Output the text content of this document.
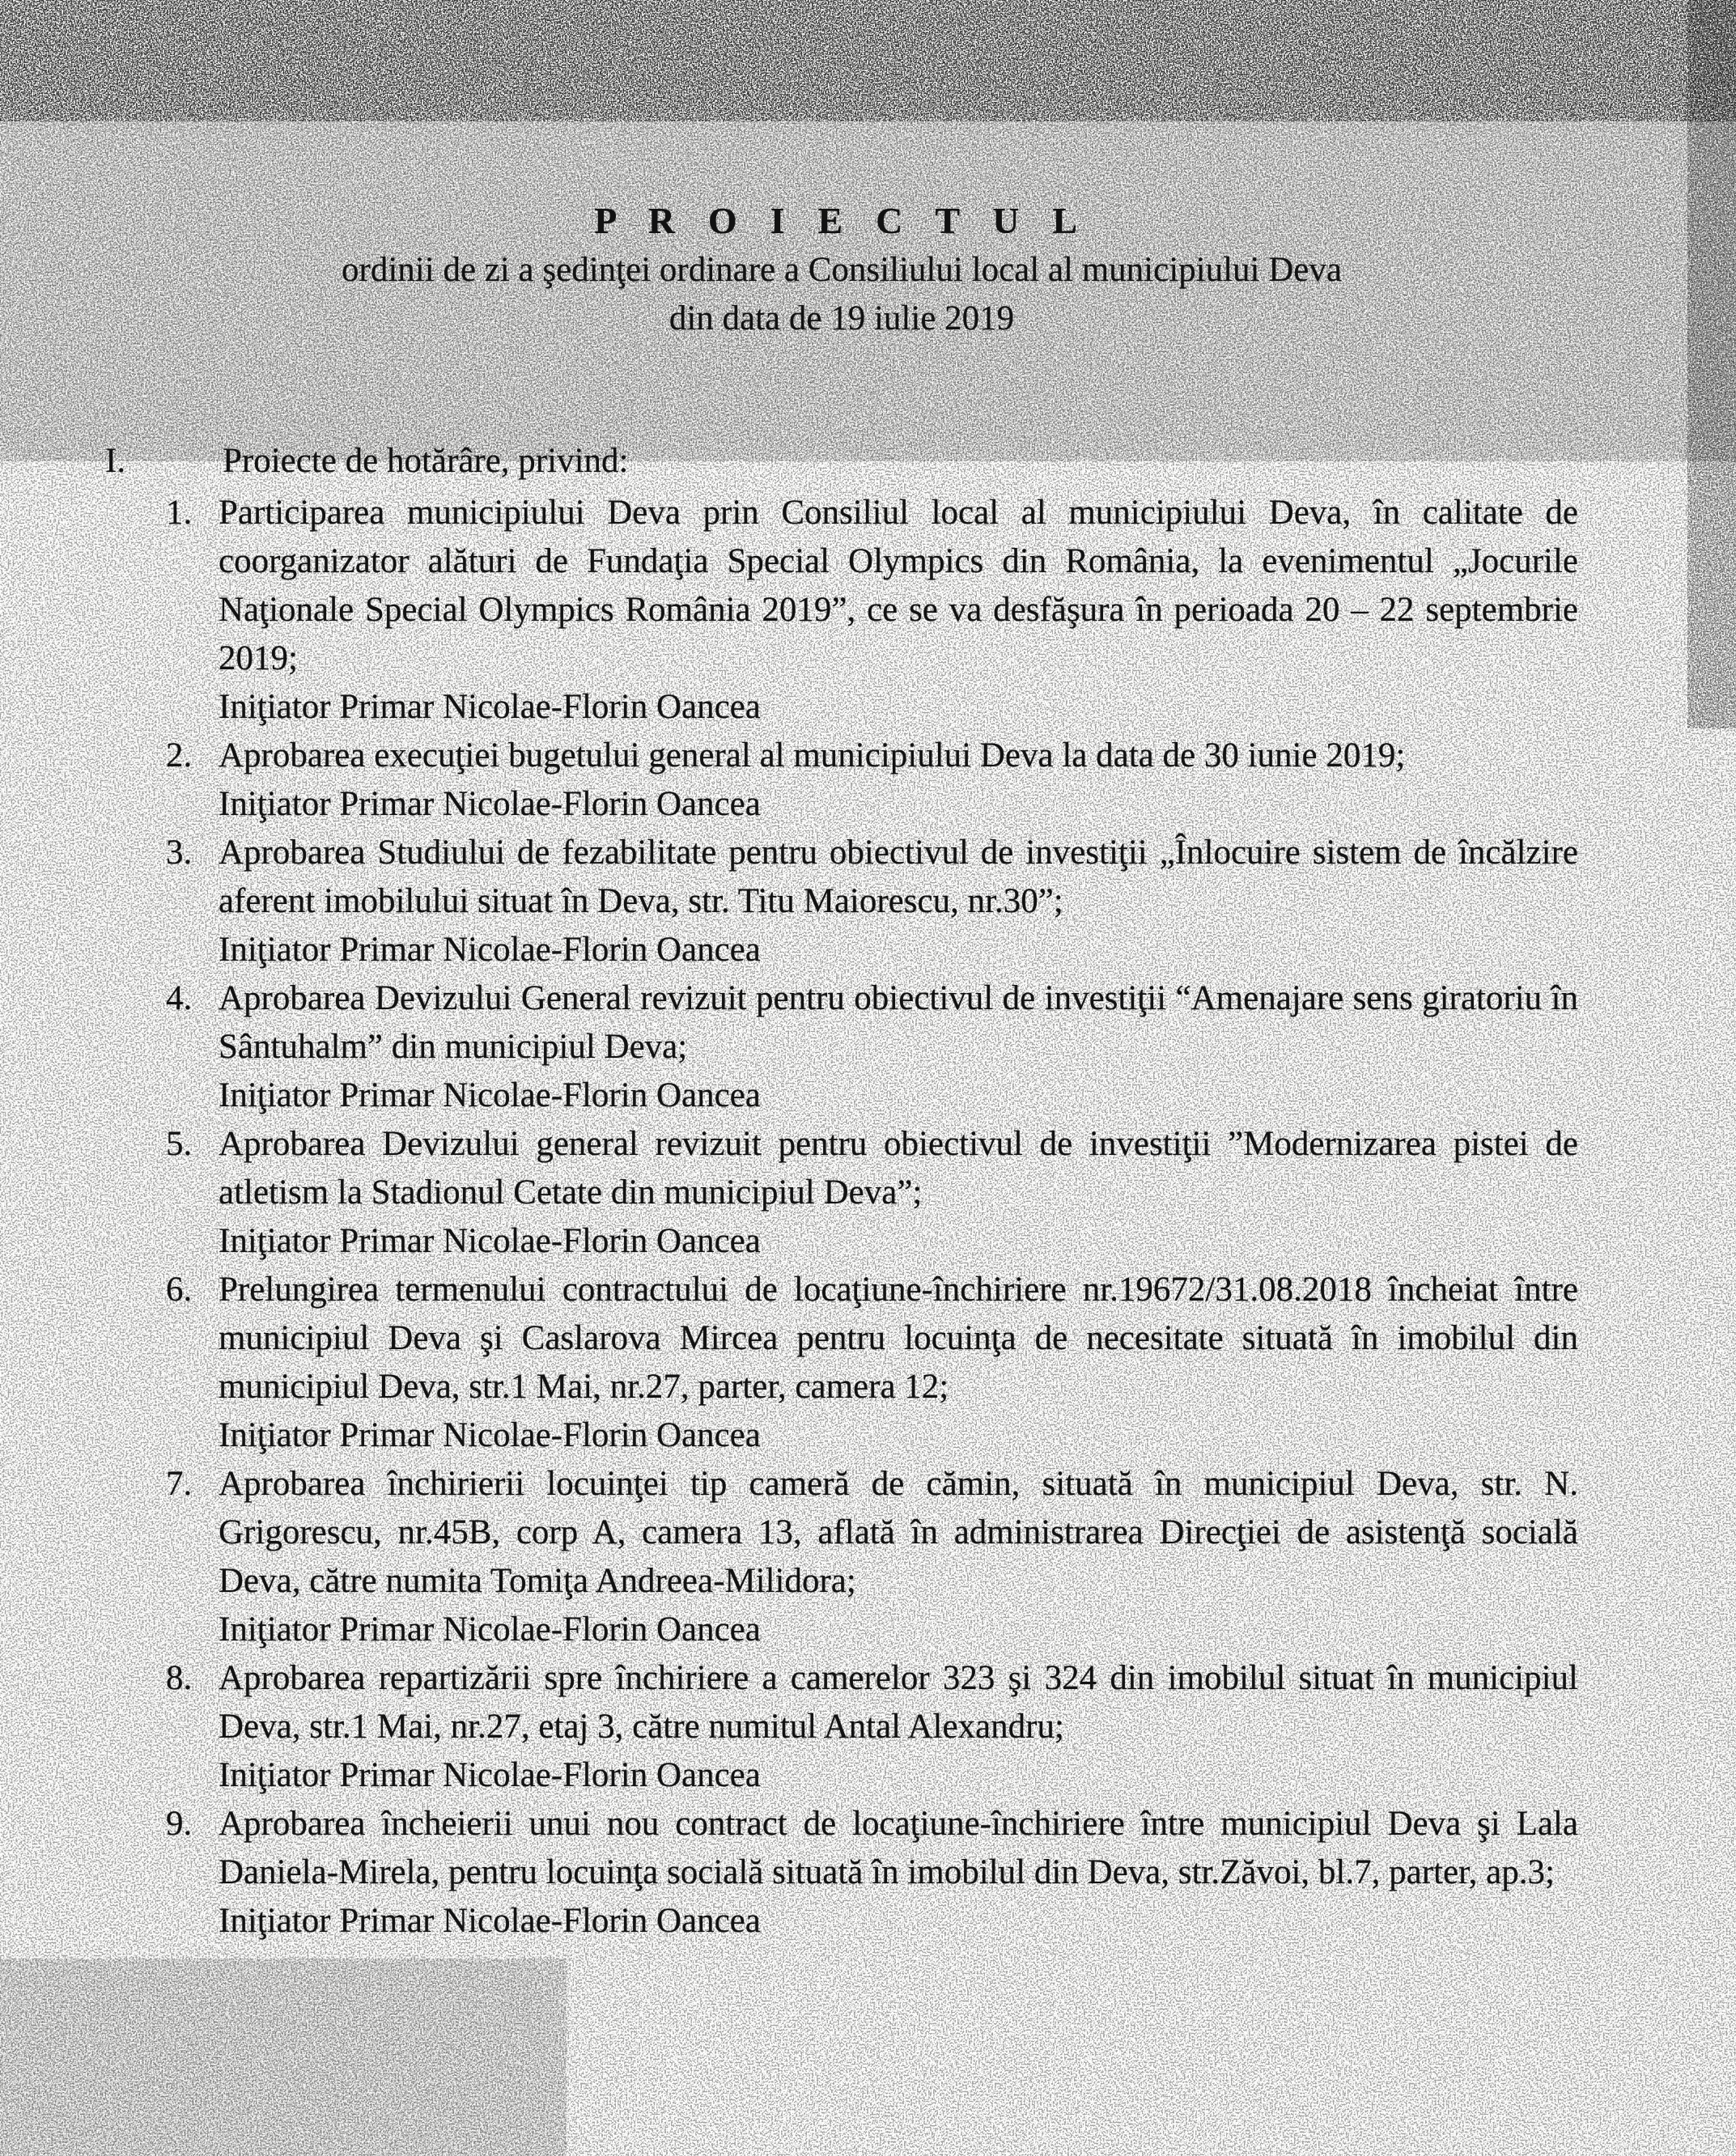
P R O I E C T U L
ordinii de zi a şedinţei ordinare a Consiliului local al municipiului Deva
din data de 19 iulie 2019
I.	Proiecte de hotărâre, privind:
1. Participarea municipiului Deva prin Consiliul local al municipiului Deva, în calitate de coorganizator alături de Fundaţia Special Olympics din România, la evenimentul „Jocurile Naţionale Special Olympics România 2019”, ce se va desfăşura în perioada 20 – 22 septembrie 2019;

Iniţiator Primar Nicolae-Florin Oancea

2. Aprobarea execuţiei bugetului general al municipiului Deva la data de 30 iunie 2019;

Iniţiator Primar Nicolae-Florin Oancea

3. Aprobarea Studiului de fezabilitate pentru obiectivul de investiţii „Înlocuire sistem de încălzire aferent imobilului situat în Deva, str. Titu Maiorescu, nr.30”;

Iniţiator Primar Nicolae-Florin Oancea

4. Aprobarea Devizului General revizuit pentru obiectivul de investiţii “Amenajare sens giratoriu în Sântuhalm” din municipiul Deva;

Iniţiator Primar Nicolae-Florin Oancea

5. Aprobarea Devizului general revizuit pentru obiectivul de investiţii ”Modernizarea pistei de atletism la Stadionul Cetate din municipiul Deva”;

Iniţiator Primar Nicolae-Florin Oancea

6. Prelungirea termenului contractului de locaţiune-închiriere nr.19672/31.08.2018 încheiat între municipiul Deva şi Caslarova Mircea pentru locuinţa de necesitate situată în imobilul din municipiul Deva, str.1 Mai, nr.27, parter, camera 12;

Iniţiator Primar Nicolae-Florin Oancea

7. Aprobarea închirierii locuinţei tip cameră de cămin, situată în municipiul Deva, str. N. Grigorescu, nr.45B, corp A, camera 13, aflată în administrarea Direcţiei de asistenţă socială Deva, către numita Tomiţa Andreea-Milidora;

Iniţiator Primar Nicolae-Florin Oancea

8. Aprobarea repartizării spre închiriere a camerelor 323 şi 324 din imobilul situat în municipiul Deva, str.1 Mai, nr.27, etaj 3, către numitul Antal Alexandru;

Iniţiator Primar Nicolae-Florin Oancea

9. Aprobarea încheierii unui nou contract de locaţiune-închiriere între municipiul Deva şi Lala Daniela-Mirela, pentru locuinţa socială situată în imobilul din Deva, str.Zăvoi, bl.7, parter, ap.3;

Iniţiator Primar Nicolae-Florin Oancea
